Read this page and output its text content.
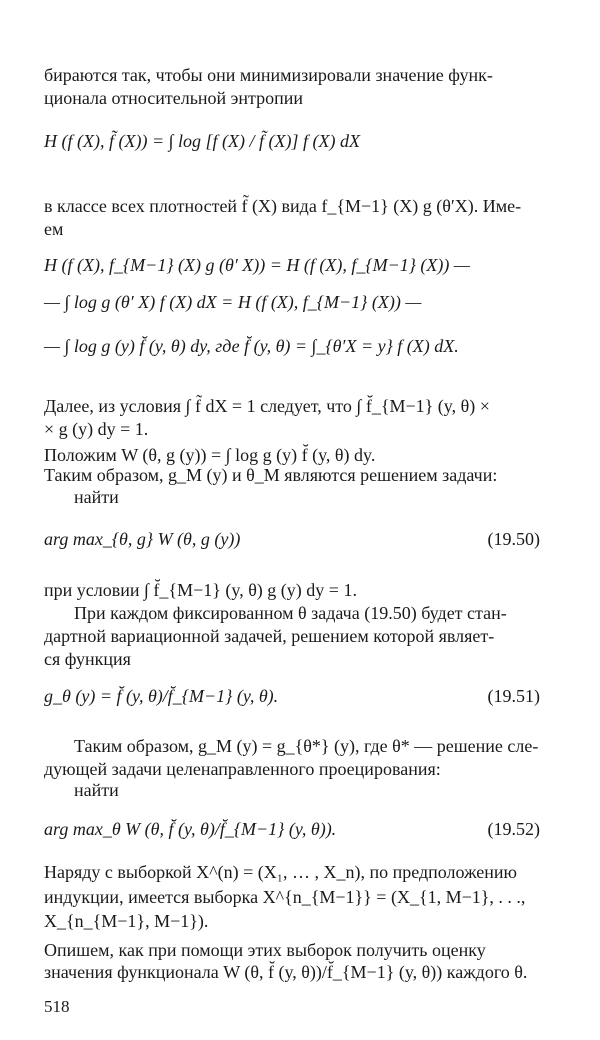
бираются так, чтобы они минимизировали значение функ-
ционала относительной энтропии
H (f (X), f̃ (X)) = ∫ log [f (X) / f̃ (X)] f (X) dX
в классе всех плотностей f̃ (X) вида f_{M−1} (X) g (θ′X). Име-
ем
H (f (X), f_{M−1} (X) g (θ′ X)) = H (f (X), f_{M−1} (X)) —
— ∫ log g (θ′ X) f (X) dX = H (f (X), f_{M−1} (X)) —
— ∫ log g (y) f̆ (y, θ) dy, где f̆ (y, θ) = ∫_{θ′X = y} f (X) dX.
Далее, из условия ∫ f̃ dX = 1 следует, что ∫ f̆_{M−1} (y, θ) ×
× g (y) dy = 1.
Положим W (θ, g (y)) = ∫ log g (y) f̆ (y, θ) dy.
Таким образом, g_M (y) и θ_M являются решением задачи:
найти
arg max_{θ, g} W (θ, g (y))	(19.50)
при условии ∫ f̆_{M−1} (y, θ) g (y) dy = 1.
При каждом фиксированном θ задача (19.50) будет стан-
дартной вариационной задачей, решением которой являет-
ся функция
g_θ (y) = f̆ (y, θ)/f̆_{M−1} (y, θ).	(19.51)
Таким образом, g_M (y) = g_{θ*} (y), где θ* — решение сле-
дующей задачи целенаправленного проецирования:
найти
arg max_θ W (θ, f̆ (y, θ)/f̆_{M−1} (y, θ)).	(19.52)
Наряду с выборкой X^(n) = (X₁, … , X_n), по предположению
индукции, имеется выборка X^{n_{M−1}} = (X_{1, M−1}, . . .,
X_{n_{M−1}, M−1}).
Опишем, как при помощи этих выборок получить оценку
значения функционала W (θ, f̆ (y, θ))/f̆_{M−1} (y, θ)) каждого θ.
518
